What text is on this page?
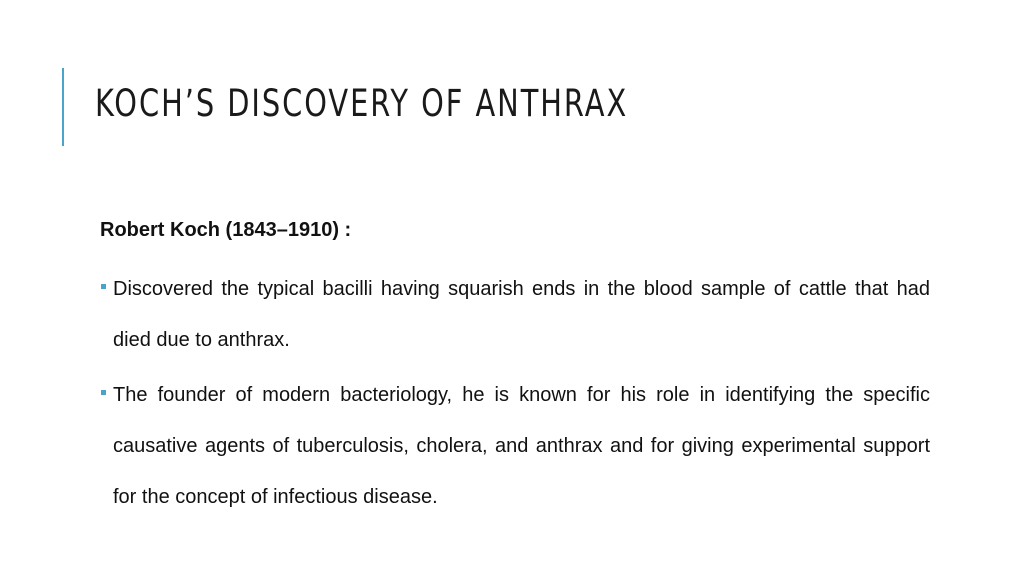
KOCH’S DISCOVERY OF ANTHRAX

Robert Koch (1843–1910) :

Discovered the typical bacilli having squarish ends in the blood sample of cattle that had died due to anthrax.
The founder of modern bacteriology, he is known for his role in identifying the specific causative agents of tuberculosis, cholera, and anthrax and for giving experimental support for the concept of infectious disease.
